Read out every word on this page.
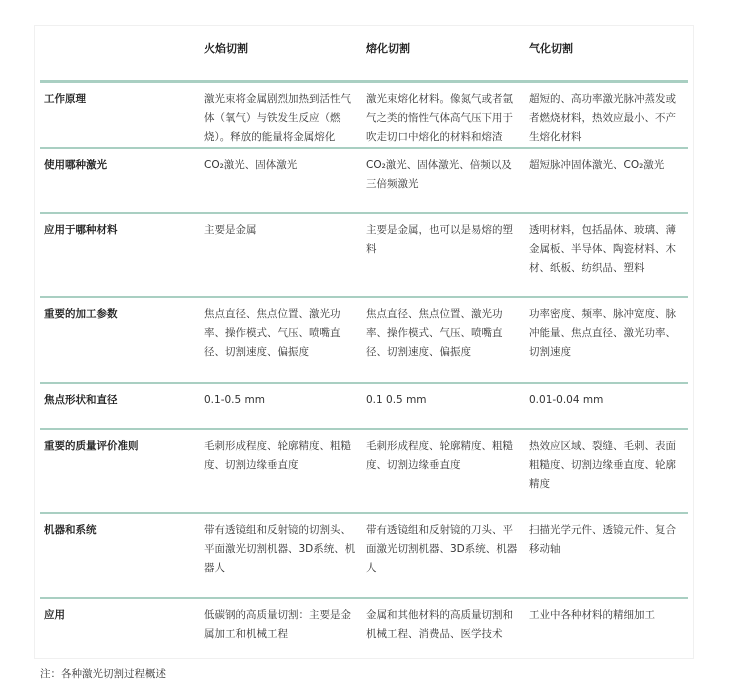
	火焰切割	熔化切割	气化切割
工作原理	激光束将金属剧烈加热到活性气体（氧气）与铁发生反应（燃烧）。释放的能量将金属熔化	激光束熔化材料。像氮气或者氩气之类的惰性气体高气压下用于吹走切口中熔化的材料和熔渣	超短的、高功率激光脉冲蒸发或者燃烧材料，热效应最小、不产生熔化材料
使用哪种激光	CO₂激光、固体激光	CO₂激光、固体激光、倍频以及三倍频激光	超短脉冲固体激光、CO₂激光
应用于哪种材料	主要是金属	主要是金属，也可以是易熔的塑料	透明材料，包括晶体、玻璃、薄金属板、半导体、陶瓷材料、木材、纸板、纺织品、塑料
重要的加工参数	焦点直径、焦点位置、激光功率、操作模式、气压、喷嘴直径、切割速度、偏振度	焦点直径、焦点位置、激光功率、操作模式、气压、喷嘴直径、切割速度、偏振度	功率密度、频率、脉冲宽度、脉冲能量、焦点直径、激光功率、切割速度
焦点形状和直径	0.1-0.5 mm	0.1 0.5 mm	0.01-0.04 mm
重要的质量评价准则	毛刺形成程度、轮廓精度、粗糙度、切割边缘垂直度	毛刺形成程度、轮廓精度、粗糙度、切割边缘垂直度	热效应区域、裂缝、毛刺、表面粗糙度、切割边缘垂直度、轮廓精度
机器和系统	带有透镜组和反射镜的切割头、平面激光切割机器、3D系统、机器人	带有透镜组和反射镜的刀头、平面激光切割机器、3D系统、机器人	扫描光学元件、透镜元件、复合移动轴
应用	低碳钢的高质量切割：主要是金属加工和机械工程	金属和其他材料的高质量切割和机械工程、消费品、医学技术	工业中各种材料的精细加工
注：各种激光切割过程概述
